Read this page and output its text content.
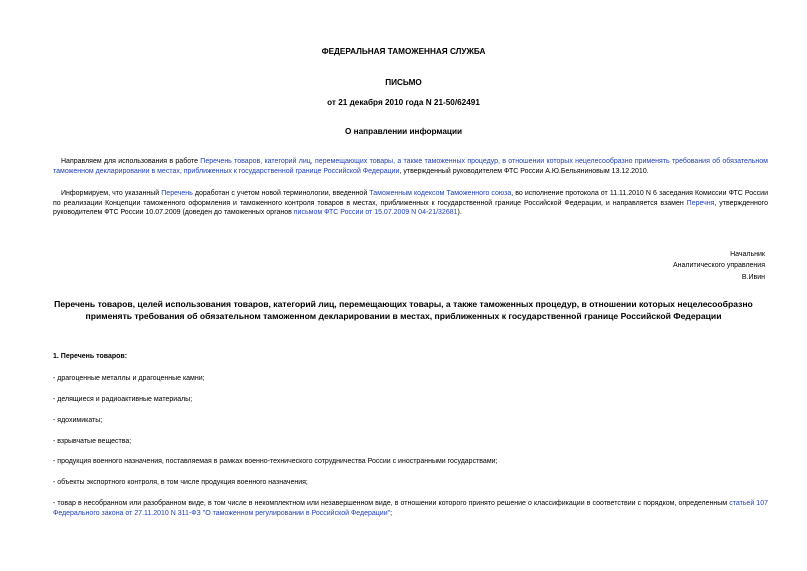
ФЕДЕРАЛЬНАЯ ТАМОЖЕННАЯ СЛУЖБА
ПИСЬМО
от 21 декабря 2010 года N 21-50/62491
О направлении информации

Направляем для использования в работе Перечень товаров, категорий лиц, перемещающих товары, а также таможенных процедур, в отношении которых нецелесообразно применять требования об обязательном таможенном декларировании в местах, приближенных к государственной границе Российской Федерации, утвержденный руководителем ФТС России А.Ю.Бельяниновым 13.12.2010.

Информируем, что указанный Перечень доработан с учетом новой терминологии, введенной Таможенным кодексом Таможенного союза, во исполнение протокола от 11.11.2010 N 6 заседания Комиссии ФТС России по реализации Концепции таможенного оформления и таможенного контроля товаров в местах, приближенных к государственной границе Российской Федерации, и направляется взамен Перечня, утвержденного руководителем ФТС России 10.07.2009 (доведен до таможенных органов письмом ФТС России от 15.07.2009 N 04-21/32681).

Начальник
Аналитического управления
В.Ивин
Перечень товаров, целей использования товаров, категорий лиц, перемещающих товары, а также таможенных процедур, в отношении которых нецелесообразно применять требования об обязательном таможенном декларировании в местах, приближенных к государственной границе Российской Федерации
1. Перечень товаров:
- драгоценные металлы и драгоценные камни;
- делящиеся и радиоактивные материалы;
- ядохимикаты;
- взрывчатые вещества;
- продукция военного назначения, поставляемая в рамках военно-технического сотрудничества России с иностранными государствами;
- объекты экспортного контроля, в том числе продукция военного назначения;

- товар в несобранном или разобранном виде, в том числе в некомплектном или незавершенном виде, в отношении которого принято решение о классификации в соответствии с порядком, определенным статьей 107 Федерального закона от 27.11.2010 N 311-ФЗ "О таможенном регулировании в Российской Федерации";
